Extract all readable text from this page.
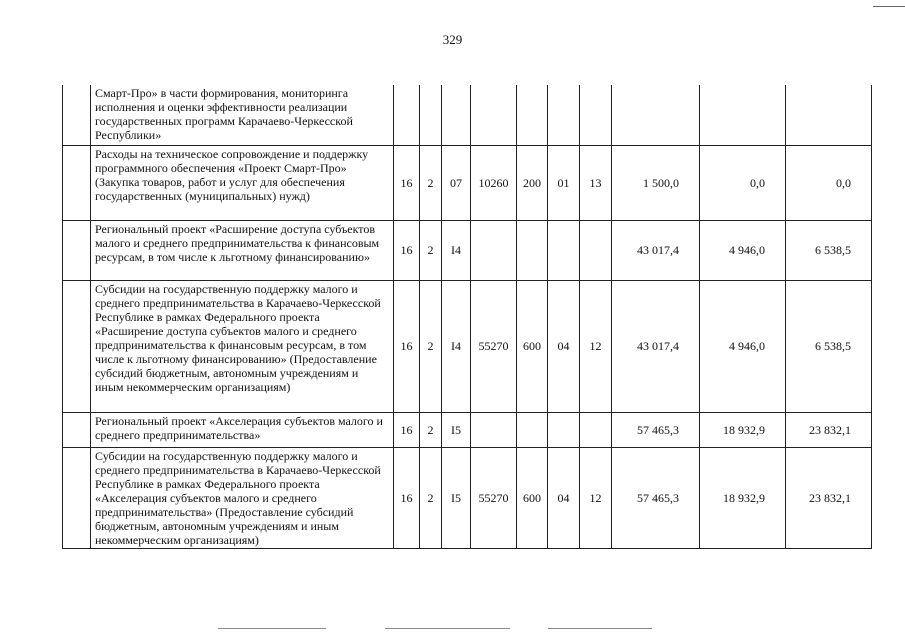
329
	Смарт-Про» в части формирования, мониторинга исполнения и оценки эффективности реализации государственных программ Карачаево-Черкесской Республики»										
	Расходы на техническое сопровождение и поддержку программного обеспечения «Проект Смарт-Про» (Закупка товаров, работ и услуг для обеспечения государственных (муниципальных) нужд)	16	2	07	10260	200	01	13	1 500,0	0,0	0,0
	Региональный проект «Расширение доступа субъектов малого и среднего предпринимательства к финансовым ресурсам, в том числе к льготному финансированию»	16	2	I4					43 017,4	4 946,0	6 538,5
	Субсидии на государственную поддержку малого и среднего предпринимательства в Карачаево-Черкесской Республике в рамках Федерального проекта «Расширение доступа субъектов малого и среднего предпринимательства к финансовым ресурсам, в том числе к льготному финансированию» (Предоставление субсидий бюджетным, автономным учреждениям и иным некоммерческим организациям)	16	2	I4	55270	600	04	12	43 017,4	4 946,0	6 538,5
	Региональный проект «Акселерация субъектов малого и среднего предпринимательства»	16	2	I5					57 465,3	18 932,9	23 832,1
	Субсидии на государственную поддержку малого и среднего предпринимательства в Карачаево-Черкесской Республике в рамках Федерального проекта «Акселерация субъектов малого и среднего предпринимательства» (Предоставление субсидий бюджетным, автономным учреждениям и иным некоммерческим организациям)	16	2	I5	55270	600	04	12	57 465,3	18 932,9	23 832,1
